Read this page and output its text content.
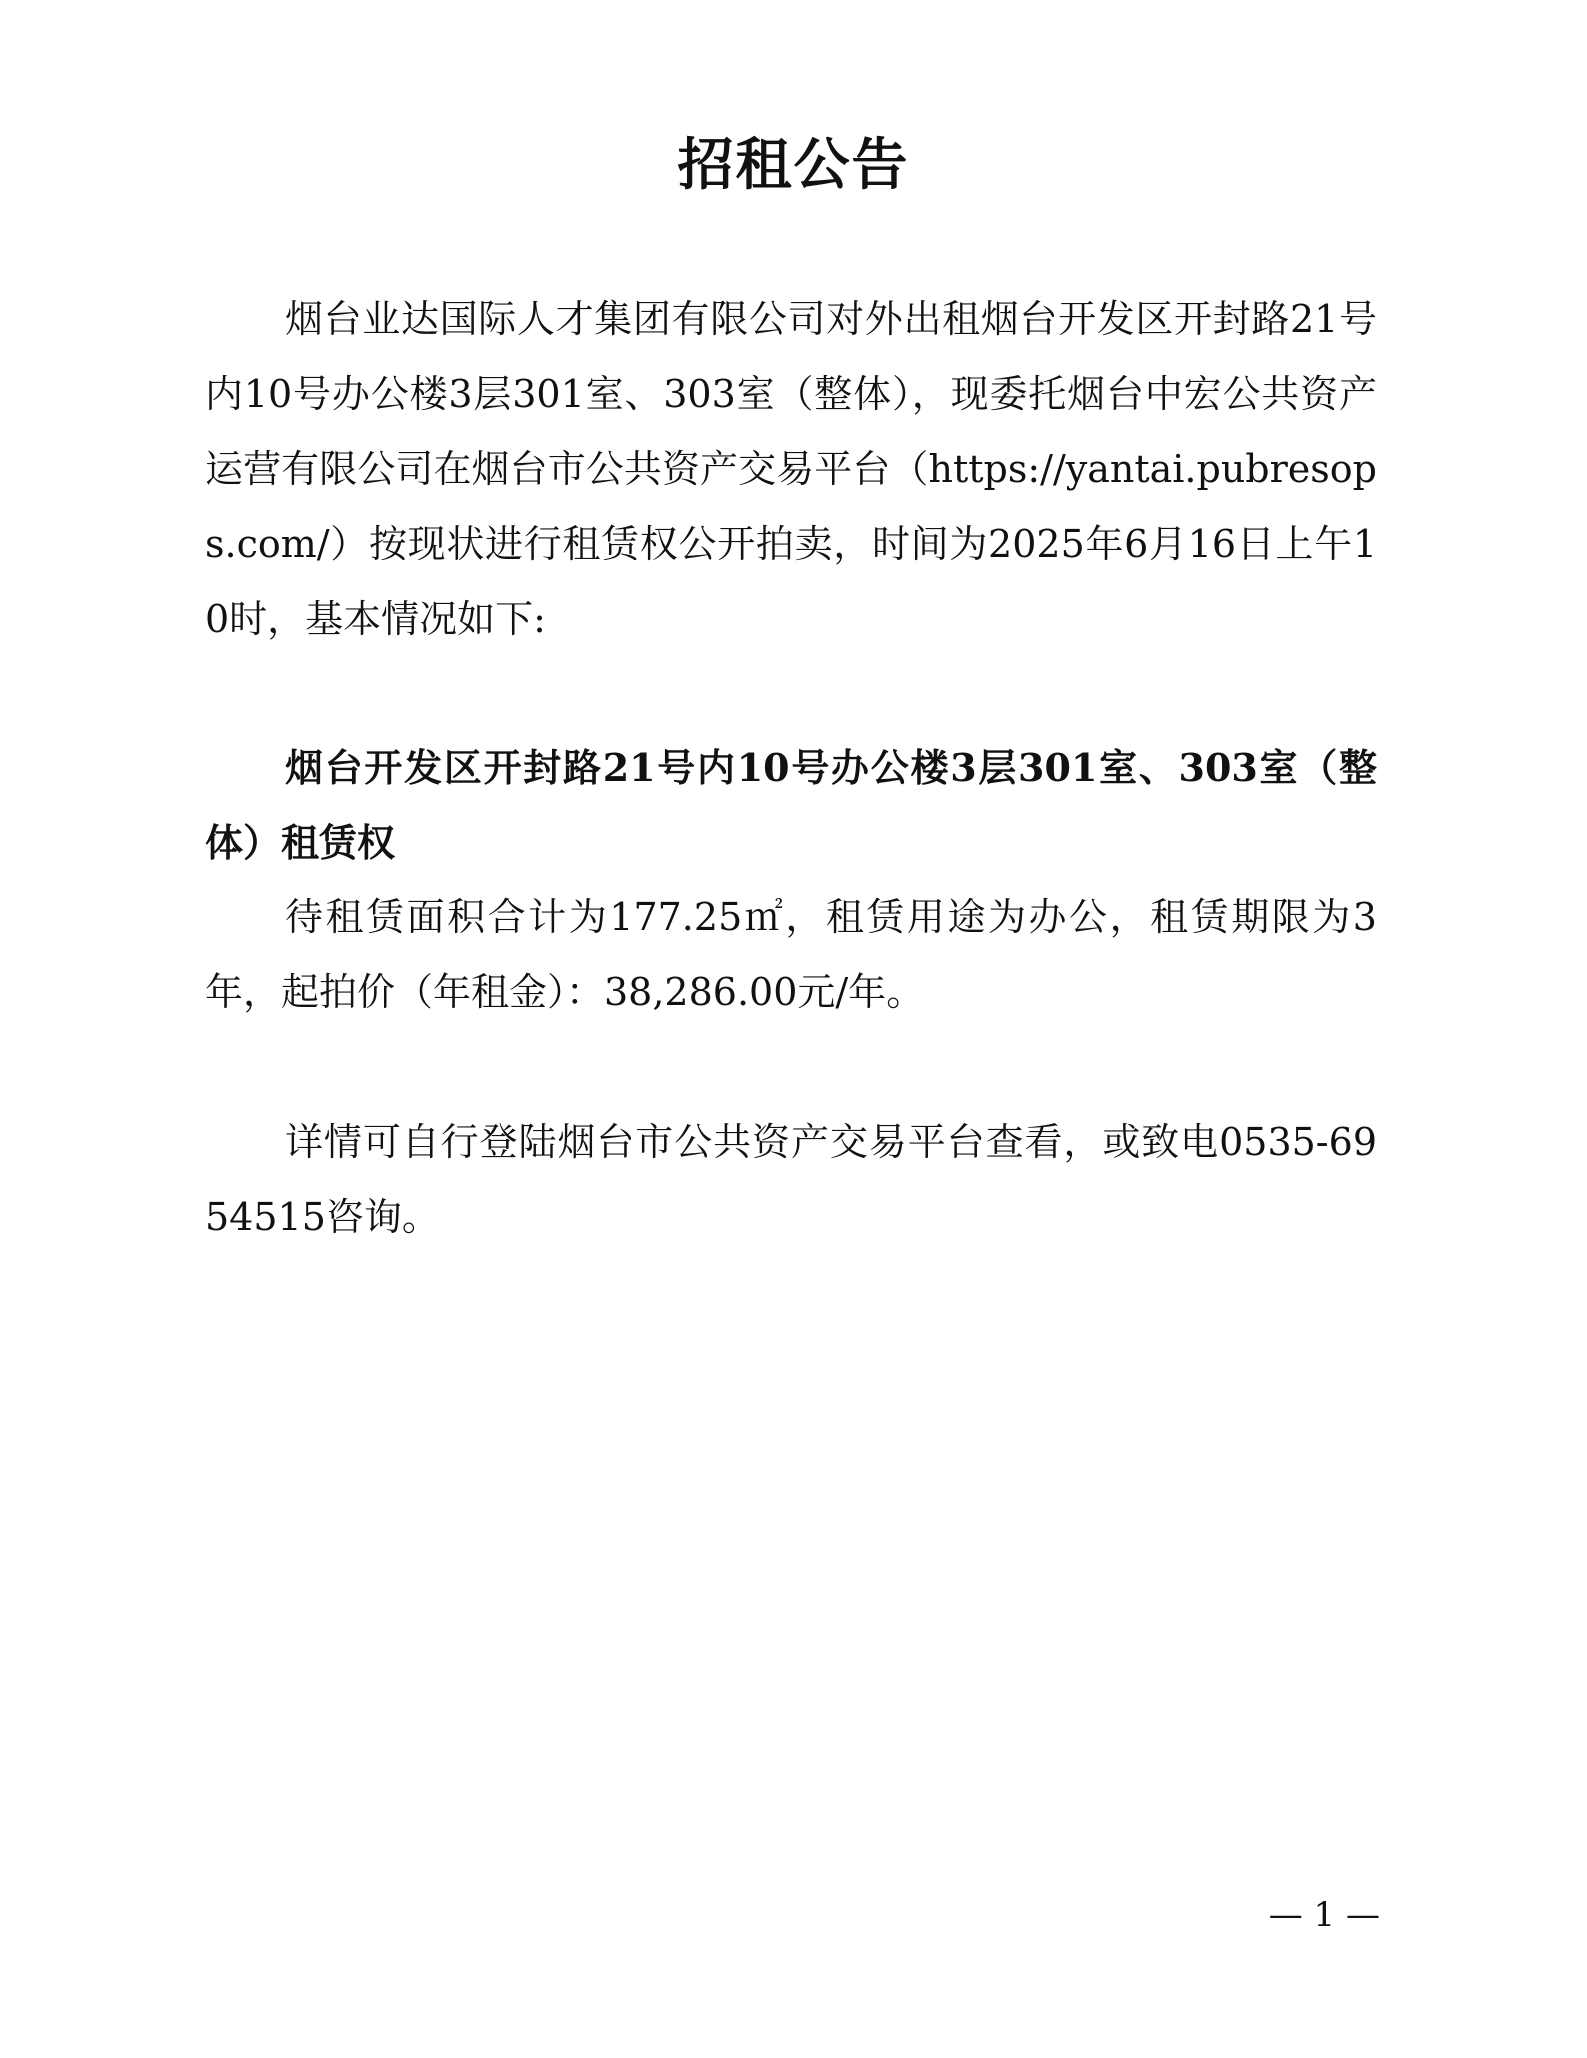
招租公告

烟台业达国际人才集团有限公司对外出租烟台开发区开封路21号内10号办公楼3层301室、303室（整体），现委托烟台中宏公共资产运营有限公司在烟台市公共资产交易平台（https://yantai.pubresops.com/）按现状进行租赁权公开拍卖，时间为2025年6月16日上午10时，基本情况如下:

烟台开发区开封路21号内10号办公楼3层301室、303室（整体）租赁权

待租赁面积合计为177.25㎡，租赁用途为办公，租赁期限为3年，起拍价（年租金）：38,286.00元/年。

详情可自行登陆烟台市公共资产交易平台查看，或致电0535-6954515咨询。

— 1 —
